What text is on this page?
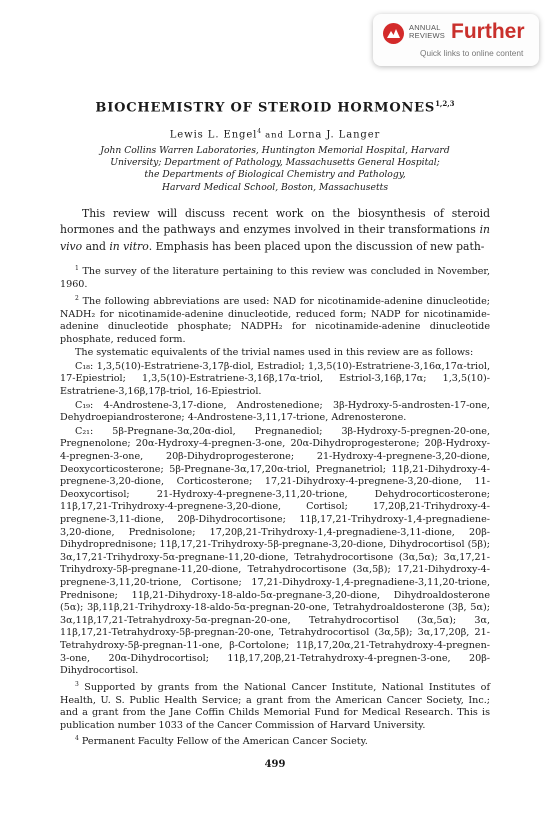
ANNUAL
REVIEWS Further
Quick links to online content
BIOCHEMISTRY OF STEROID HORMONES$^{1,2,3}$
Lewis L. Engel$^4$ and Lorna J. Langer
John Collins Warren Laboratories, Huntington Memorial Hospital, Harvard
University; Department of Pathology, Massachusetts General Hospital;
the Departments of Biological Chemistry and Pathology,
Harvard Medical School, Boston, Massachusetts

This review will discuss recent work on the biosynthesis of steroid hormones and the pathways and enzymes involved in their transformations in vivo and in vitro. Emphasis has been placed upon the discussion of new path-

$^1$ The survey of the literature pertaining to this review was concluded in November, 1960.

$^2$ The following abbreviations are used: NAD for nicotinamide-adenine dinucleotide; NADH₂ for nicotinamide-adenine dinucleotide, reduced form; NADP for nicotinamide-adenine dinucleotide phosphate; NADPH₂ for nicotinamide-adenine dinucleotide phosphate, reduced form.

The systematic equivalents of the trivial names used in this review are as follows:

C₁₈: 1,3,5(10)-Estratriene-3,17β-diol, Estradiol; 1,3,5(10)-Estratriene-3,16α,17α-triol, 17-Epiestriol; 1,3,5(10)-Estratriene-3,16β,17α-triol, Estriol-3,16β,17α; 1,3,5(10)-Estratriene-3,16β,17β-triol, 16-Epiestriol.

C₁₉: 4-Androstene-3,17-dione, Androstenedione; 3β-Hydroxy-5-androsten-17-one, Dehydroepiandrosterone; 4-Androstene-3,11,17-trione, Adrenosterone.

C₂₁: 5β-Pregnane-3α,20α-diol, Pregnanediol; 3β-Hydroxy-5-pregnen-20-one, Pregnenolone; 20α-Hydroxy-4-pregnen-3-one, 20α-Dihydroprogesterone; 20β-Hydroxy-4-pregnen-3-one, 20β-Dihydroprogesterone; 21-Hydroxy-4-pregnene-3,20-dione, Deoxycorticosterone; 5β-Pregnane-3α,17,20α-triol, Pregnanetriol; 11β,21-Dihydroxy-4-pregnene-3,20-dione, Corticosterone; 17,21-Dihydroxy-4-pregnene-3,20-dione, 11-Deoxycortisol; 21-Hydroxy-4-pregnene-3,11,20-trione, Dehydrocorticosterone; 11β,17,21-Trihydroxy-4-pregnene-3,20-dione, Cortisol; 17,20β,21-Trihydroxy-4-pregnene-3,11-dione, 20β-Dihydrocortisone; 11β,17,21-Trihydroxy-1,4-pregnadiene-3,20-dione, Prednisolone; 17,20β,21-Trihydroxy-1,4-pregnadiene-3,11-dione, 20β-Dihydroprednisone; 11β,17,21-Trihydroxy-5β-pregnane-3,20-dione, Dihydrocortisol (5β); 3α,17,21-Trihydroxy-5α-pregnane-11,20-dione, Tetrahydrocortisone (3α,5α); 3α,17,21-Trihydroxy-5β-pregnane-11,20-dione, Tetrahydrocortisone (3α,5β); 17,21-Dihydroxy-4-pregnene-3,11,20-trione, Cortisone; 17,21-Dihydroxy-1,4-pregnadiene-3,11,20-trione, Prednisone; 11β,21-Dihydroxy-18-aldo-5α-pregnane-3,20-dione, Dihydroaldosterone (5α); 3β,11β,21-Trihydroxy-18-aldo-5α-pregnan-20-one, Tetrahydroaldosterone (3β, 5α); 3α,11β,17,21-Tetrahydroxy-5α-pregnan-20-one, Tetrahydrocortisol (3α,5α); 3α, 11β,17,21-Tetrahydroxy-5β-pregnan-20-one, Tetrahydrocortisol (3α,5β); 3α,17,20β, 21-Tetrahydroxy-5β-pregnan-11-one, β-Cortolone; 11β,17,20α,21-Tetrahydroxy-4-pregnen-3-one, 20α-Dihydrocortisol; 11β,17,20β,21-Tetrahydroxy-4-pregnen-3-one, 20β-Dihydrocortisol.

$^3$ Supported by grants from the National Cancer Institute, National Institutes of Health, U. S. Public Health Service; a grant from the American Cancer Society, Inc.; and a grant from the Jane Coffin Childs Memorial Fund for Medical Research. This is publication number 1033 of the Cancer Commission of Harvard University.

$^4$ Permanent Faculty Fellow of the American Cancer Society.

499
